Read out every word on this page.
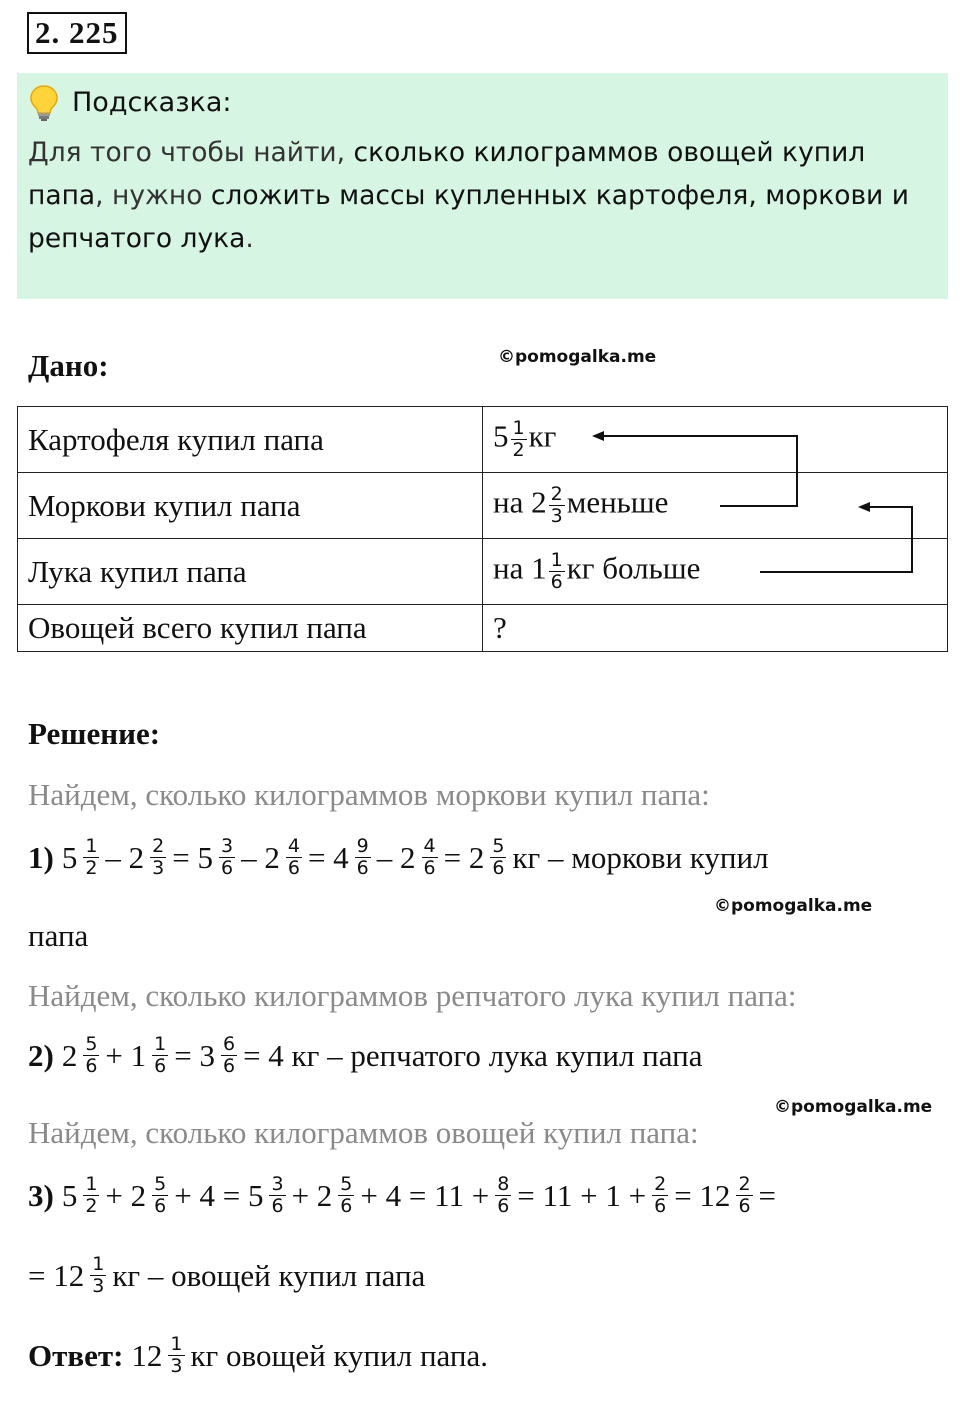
2. 225
Подсказка:
Для того чтобы найти, сколько килограммов овощей купил папа, нужно сложить массы купленных картофеля, моркови и репчатого лука.
Дано:	©pomogalka.me
Картофеля купил папа	$5 \frac{1}{2}$ кг
Моркови купил папа	на $2 \frac{2}{3}$ меньше
Лука купил папа	на $1 \frac{1}{6}$ кг больше
Овощей всего купил папа	?
Решение:
Найдем, сколько килограммов моркови купил папа:
1) $5 \frac{1}{2} - 2 \frac{2}{3} = 5 \frac{3}{6} - 2 \frac{4}{6} = 4 \frac{9}{6} - 2 \frac{4}{6} = 2 \frac{5}{6}$ кг – моркови купил
©pomogalka.me
папа
Найдем, сколько килограммов репчатого лука купил папа:
2) $2 \frac{5}{6} + 1 \frac{1}{6} = 3 \frac{6}{6} = 4$ кг – репчатого лука купил папа
©pomogalka.me
Найдем, сколько килограммов овощей купил папа:
3) $5 \frac{1}{2} + 2 \frac{5}{6} + 4 = 5 \frac{3}{6} + 2 \frac{5}{6} + 4 = 11 + \frac{8}{6} = 11 + 1 + \frac{2}{6} = 12 \frac{2}{6}$ =
= $12 \frac{1}{3}$ кг – овощей купил папа
Ответ: $12 \frac{1}{3}$ кг овощей купил папа.
